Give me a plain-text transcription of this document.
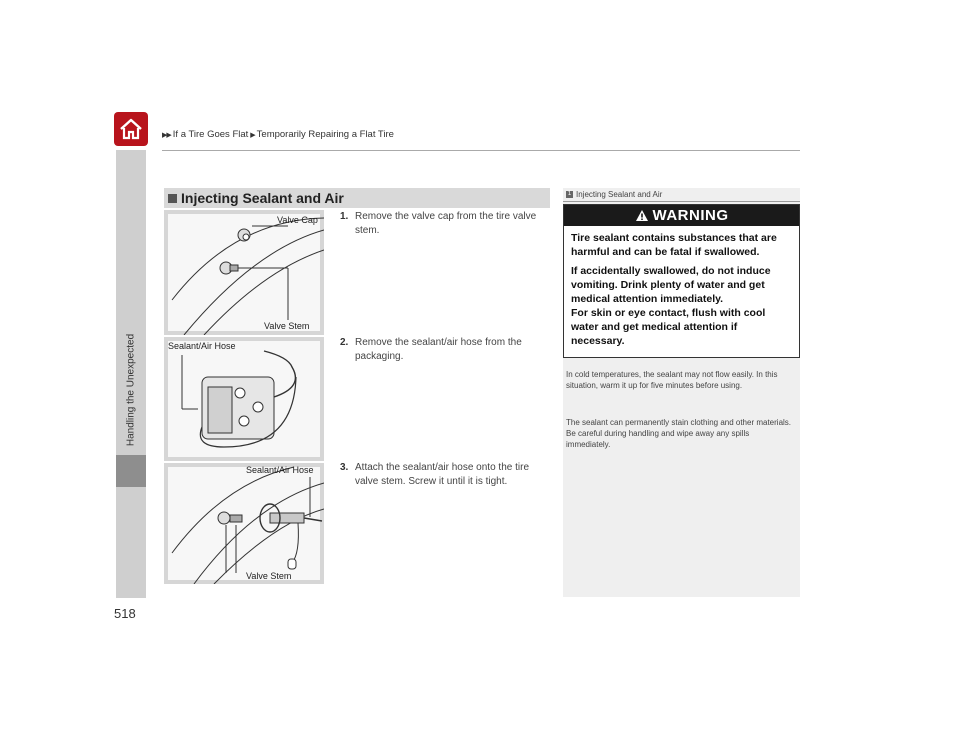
Handling the Unexpected
518
▶▶ If a Tire Goes Flat ▶ Temporarily Repairing a Flat Tire
Injecting Sealant and Air
Valve Cap
Valve Stem
Sealant/Air Hose
Sealant/Air Hose
Valve Stem
1. Remove the valve cap from the tire valve stem.
2. Remove the sealant/air hose from the packaging.
3. Attach the sealant/air hose onto the tire valve stem. Screw it until it is tight.
1 Injecting Sealant and Air
WARNING

Tire sealant contains substances that are harmful and can be fatal if swallowed.

If accidentally swallowed, do not induce vomiting. Drink plenty of water and get medical attention immediately.

For skin or eye contact, flush with cool water and get medical attention if necessary.

In cold temperatures, the sealant may not flow easily. In this situation, warm it up for five minutes before using.
The sealant can permanently stain clothing and other materials. Be careful during handling and wipe away any spills immediately.
